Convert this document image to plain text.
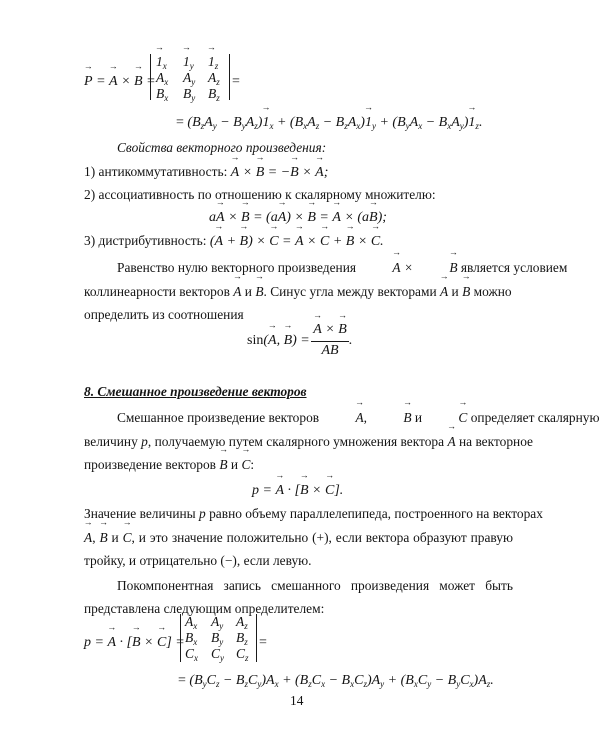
→ P = → A × → B =
→ $1_x$
→ $1_y$
→ $1_z$
$A_x$ $A_y$ $A_z$
$B_x$ $B_y$ $B_z$
=
= $(B_zA_y - B_yA_z)\to 1_x + (B_xA_z - B_zA_x)\to 1_y + (B_yA_x - B_xA_y)\to 1_z$.
Свойства векторного произведения:
1) антикоммутативность: → A × → B = −→ B × → A;
2) ассоциативность по отношению к скалярному множителю:
a→ A × → B = (a→ A) × → B = → A × (a→ B);
3) дистрибутивность: (→ A + → B) × → C = → A × → C + → B × → C.
Равенство нулю векторного произведения →	A × → B является условием
коллинеарности векторов → A и → B. Синус угла между векторами → A и → B можно
определить из соотношения
sin(→ A, → B) =
→ A × → B
AB
.
8. Смешанное произведение векторов
Смешанное произведение векторов →	A, → B и →	C определяет скалярную
величину p, получаемую путем скалярного умножения вектора → A на векторное
произведение векторов → B и → C:
p = → A · [→ B × → C].
Значение величины p равно объему параллелепипеда, построенного на векторах
→ A, → B и → C, и это значение положительно (+), если вектора образуют правую
тройку, и отрицательно (−), если левую.
Покомпонентная запись смешанного произведения может быть
представлена следующим определителем:
p = → A · [→ B × → C] =
$A_x$ $A_y$ $A_z$
$B_x$ $B_y$ $B_z$
$C_x$ $C_y$ $C_z$
=
= $(B_yC_z - B_zC_y)A_x + (B_zC_x - B_xC_z)A_y + (B_xC_y - B_yC_x)A_z$.
14
